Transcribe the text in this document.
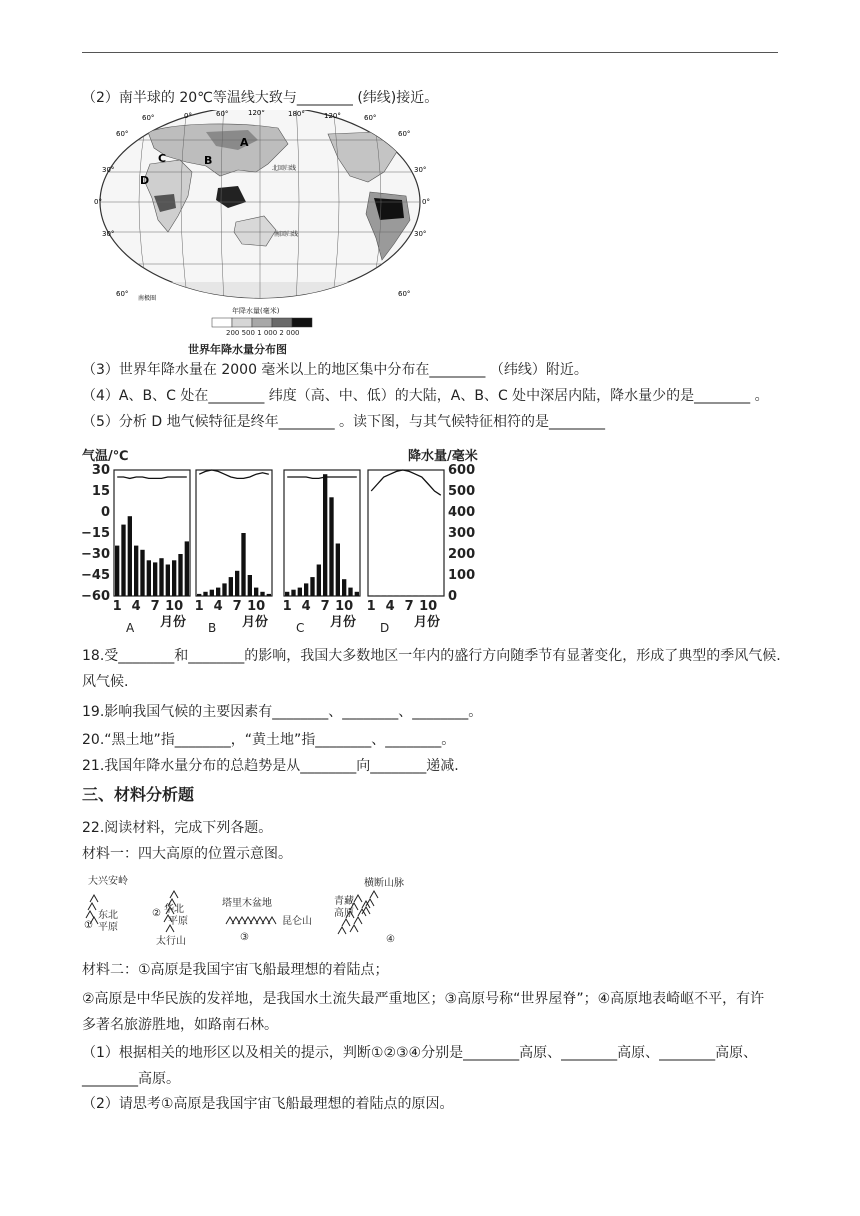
（2）南半球的 20℃等温线大致与________ (纬线)接近。
60°	0°	60°	120°	180°	120°	60°
60°
30°
0°
30°
60°
60°
30°
0°
30°
60°
北回归线
南回归线
南极圈
A
B
C
D
年降水量(毫米)
200 500 1 000 2 000
世界年降水量分布图
（3）世界年降水量在 2000 毫米以上的地区集中分布在________ （纬线）附近。
（4）A、B、C 处在________ 纬度（高、中、低）的大陆，A、B、C 处中深居内陆，降水量少的是________ 。
（5）分析 D 地气候特征是终年________ 。读下图，与其气候特征相符的是________
气温/℃	降水量/毫米
30
15
0
−15
−30
−45
−60
600
500
400
300
200
100
0
1 4 7 10
A 月份
1 4 7 10
B 月份
1 4 7 10
C 月份
1 4 7 10
D 月份
18.受________和________的影响，我国大多数地区一年内的盛行方向随季节有显著变化，形成了典型的季风气候.
风气候.
19.影响我国气候的主要因素有________、________、________。
20.“黑土地”指________，“黄土地”指________、________。
21.我国年降水量分布的总趋势是从________向________递减.
三、材料分析题
22.阅读材料，完成下列各题。
材料一：四大高原的位置示意图。
大兴安岭
①
东北
平原
② 华北
平原
太行山
塔里木盆地
昆仑山
③
青藏
高原
横断山脉
④
材料二：①高原是我国宇宙飞船最理想的着陆点；
②高原是中华民族的发祥地，是我国水土流失最严重地区；③高原号称“世界屋脊”；④高原地表崎岖不平，有许多著名旅游胜地，如路南石林。
（1）根据相关的地形区以及相关的提示，判断①②③④分别是________高原、________高原、________高原、________高原。
（2）请思考①高原是我国宇宙飞船最理想的着陆点的原因。
